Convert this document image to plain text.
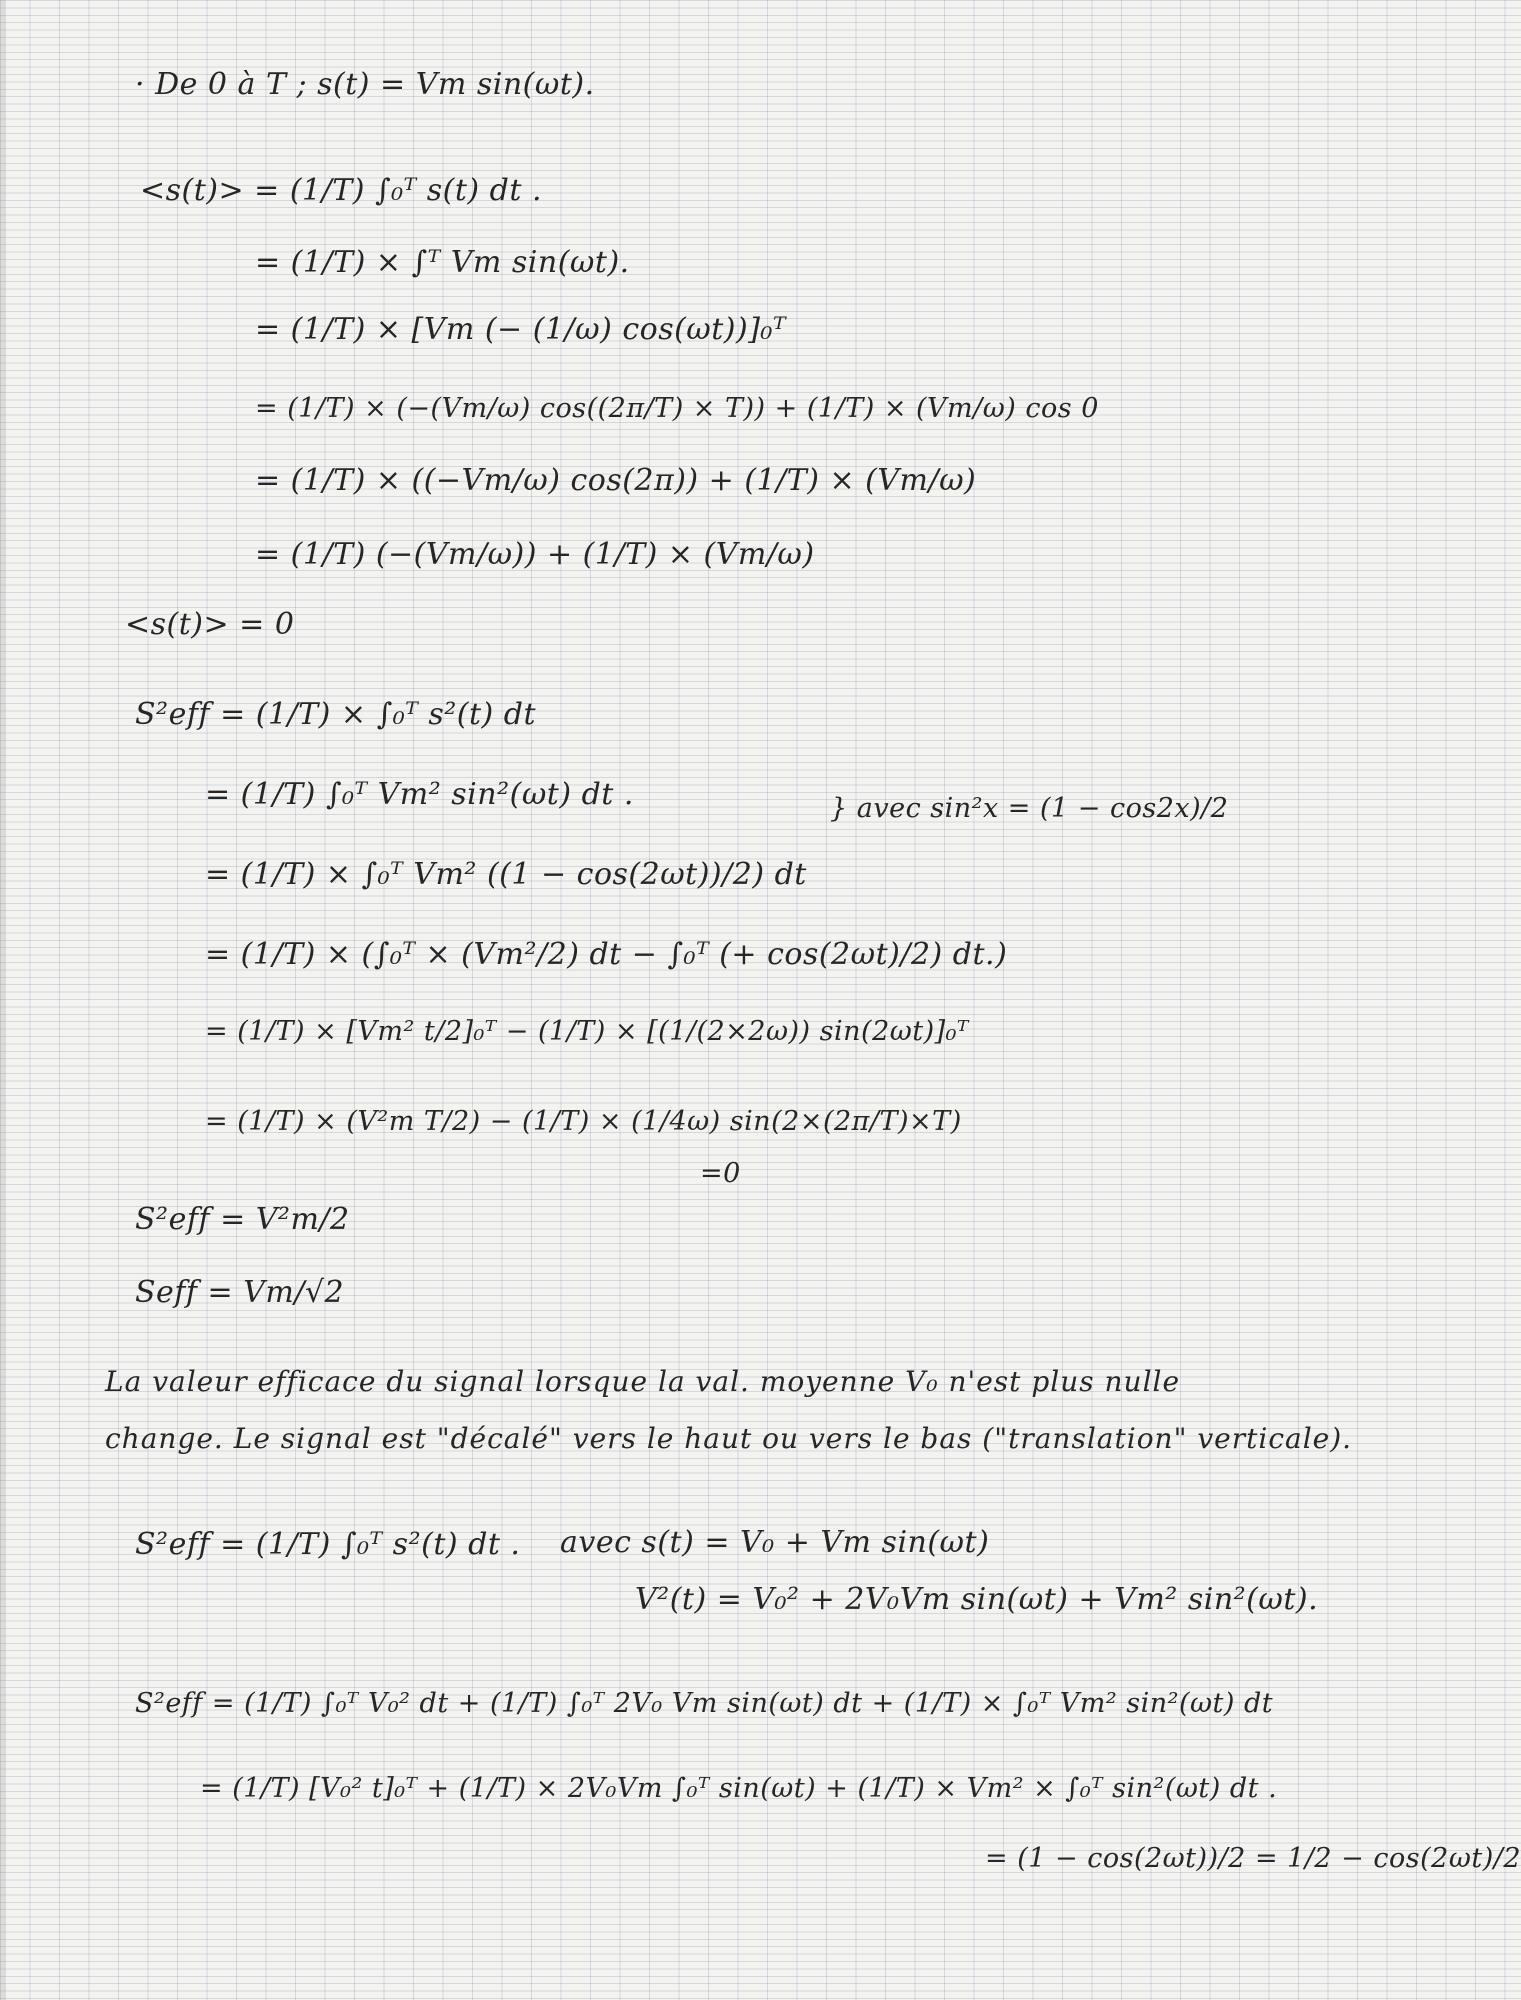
· De 0 à T ; s(t) = Vm sin(ωt).
<s(t)> = (1/T) ∫₀ᵀ s(t) dt .
= (1/T) × ∫ᵀ Vm sin(ωt).
= (1/T) × [Vm (− (1/ω) cos(ωt))]₀ᵀ
= (1/T) × (−(Vm/ω) cos((2π/T) × T)) + (1/T) × (Vm/ω) cos 0
= (1/T) × ((−Vm/ω) cos(2π)) + (1/T) × (Vm/ω)
= (1/T) (−(Vm/ω)) + (1/T) × (Vm/ω)
<s(t)> = 0
S²eff = (1/T) × ∫₀ᵀ s²(t) dt
= (1/T) ∫₀ᵀ Vm² sin²(ωt) dt .	} avec sin²x = (1 − cos2x)/2
= (1/T) × ∫₀ᵀ Vm² ((1 − cos(2ωt))/2) dt
= (1/T) × (∫₀ᵀ × (Vm²/2) dt − ∫₀ᵀ (+ cos(2ωt)/2) dt.)
= (1/T) × [Vm² t/2]₀ᵀ − (1/T) × [(1/(2×2ω)) sin(2ωt)]₀ᵀ
= (1/T) × (V²m T/2) − (1/T) × (1/4ω) sin(2×(2π/T)×T)
=0
S²eff = V²m/2
Seff = Vm/√2
La valeur efficace du signal lorsque la val. moyenne V₀ n'est plus nulle
change. Le signal est "décalé" vers le haut ou vers le bas ("translation" verticale).
S²eff = (1/T) ∫₀ᵀ s²(t) dt . avec s(t) = V₀ + Vm sin(ωt)
V²(t) = V₀² + 2V₀Vm sin(ωt) + Vm² sin²(ωt).
S²eff = (1/T) ∫₀ᵀ V₀² dt + (1/T) ∫₀ᵀ 2V₀ Vm sin(ωt) dt + (1/T) × ∫₀ᵀ Vm² sin²(ωt) dt
= (1/T) [V₀² t]₀ᵀ + (1/T) × 2V₀Vm ∫₀ᵀ sin(ωt) + (1/T) × Vm² × ∫₀ᵀ sin²(ωt) dt .
= (1 − cos(2ωt))/2 = 1/2 − cos(2ωt)/2
